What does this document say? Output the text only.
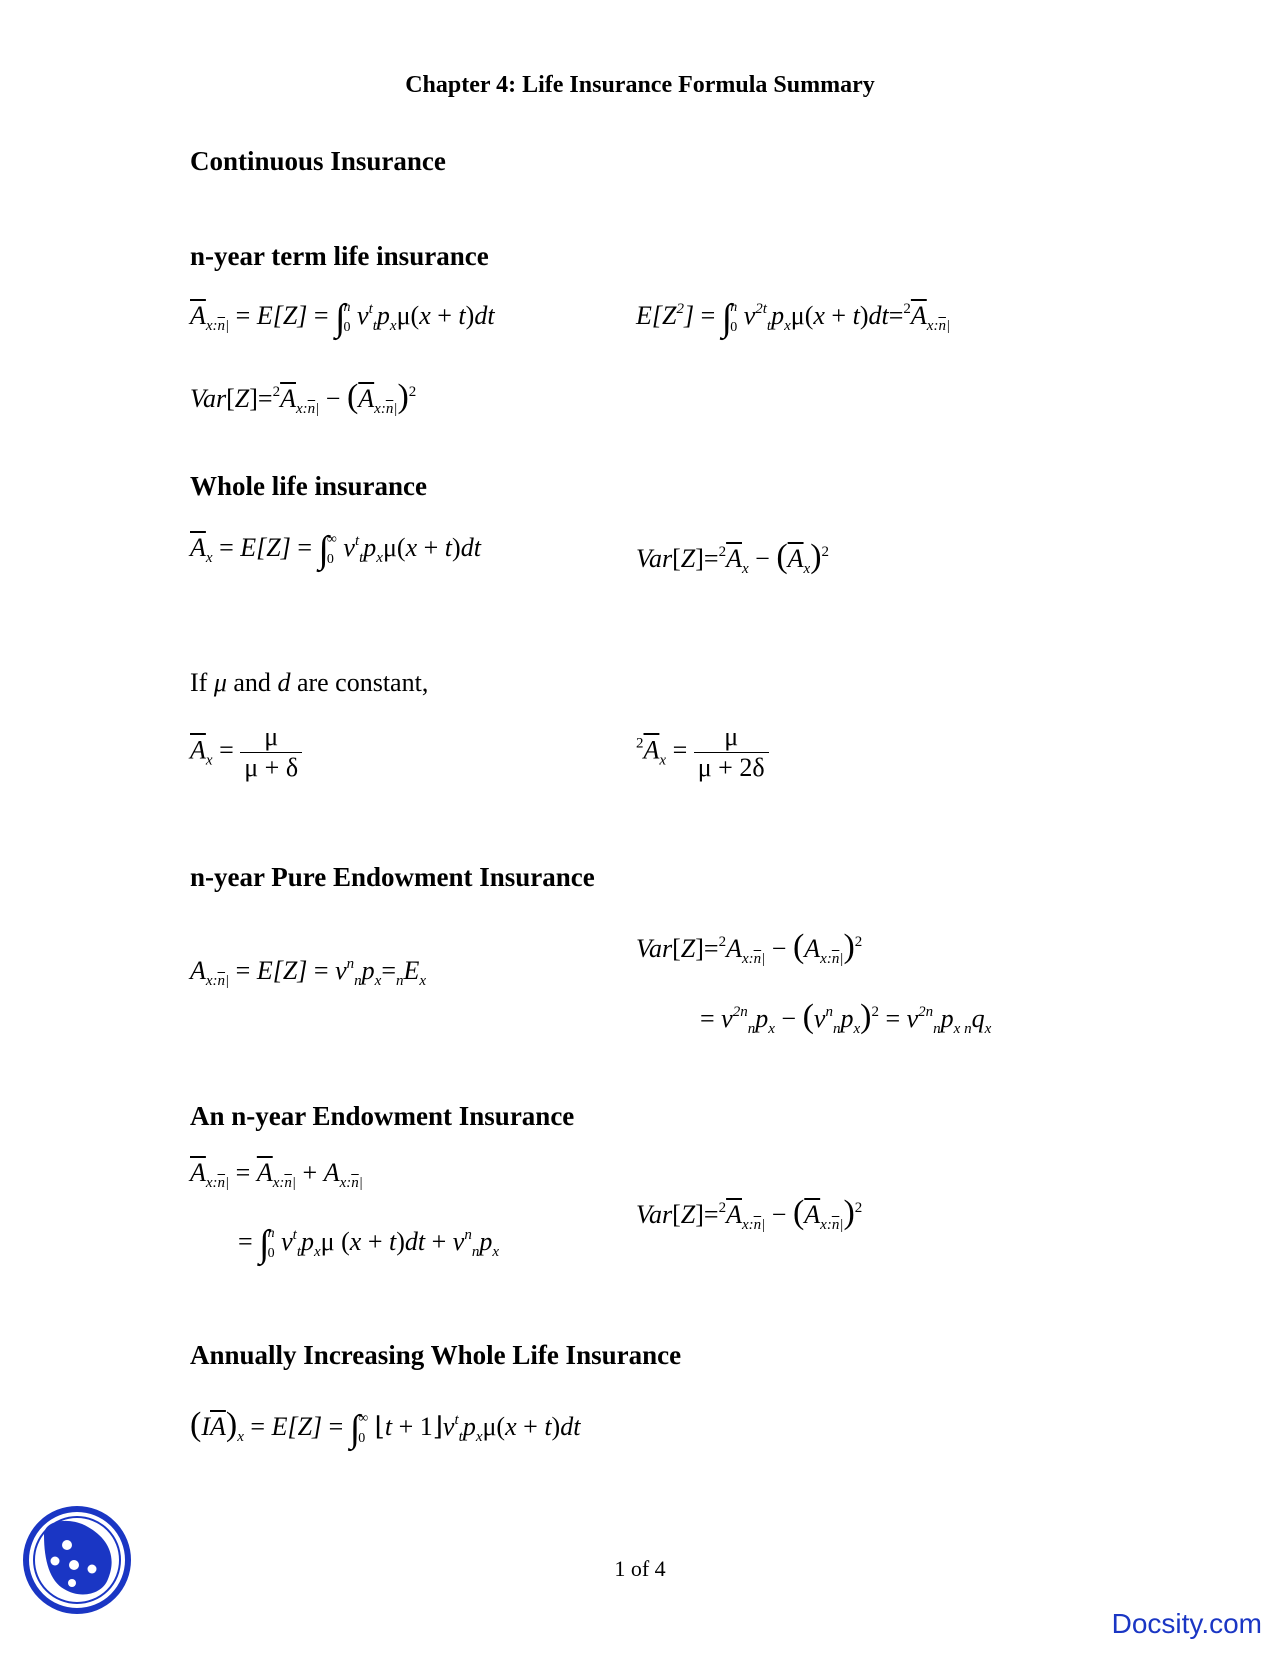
Chapter 4: Life Insurance Formula Summary
Continuous Insurance
n-year term life insurance
$\overline{A}_{x:\overline{n}|} = E[Z]$ = ∫
n
0 $v^t_tp_x\mu(x + t)dt$	$E[Z^2]$ = ∫
n
0 $v^{2t}_tp_x\mu(x + t)dt=^2\overline{A}_{x:\overline{n}|}$
$Var[Z]=^2\overline{A}_{x:\overline{n}|} - (\overline{A}_{x:\overline{n}|})^2$
Whole life insurance
$\overline{A}_x = E[Z]$ = ∫
∞
0 $v^t_tp_x\mu(x + t)dt$	$Var[Z]=^2\overline{A}_x - (\overline{A}_x)^2$
If μ and d are constant,
$\overline{A}_x = \frac{\mu}{\mu + \delta}$	$^2\overline{A}_x = \frac{\mu}{\mu + 2\delta}$
n-year Pure Endowment Insurance
$A_{x:\overline{n}|} = E[Z] = v^n_np_x=_nE_x$
$Var[Z]=^2A_{x:\overline{n}|} - (A_{x:\overline{n}|})^2$
= $v^{2n}_np_x - (v^n_np_x)^2 = v^{2n}_np_{x n}q_x$
An n-year Endowment Insurance
$\overline{A}_{x:\overline{n}|} = \overline{A}_{x:\overline{n}|} + A_{x:\overline{n}|}$
= ∫
n
0 $v^t_tp_x\mu$ $(x + t)dt + v^n_np_x$
$Var[Z]=^2\overline{A}_{x:\overline{n}|} - (\overline{A}_{x:\overline{n}|})^2$
Annually Increasing Whole Life Insurance
$(I\overline{A})_x = E[Z]$ = ∫
∞
0 ⌊t + $1⌋v^t_tp_x\mu(x + t)dt$
1 of 4
Docsity.com
